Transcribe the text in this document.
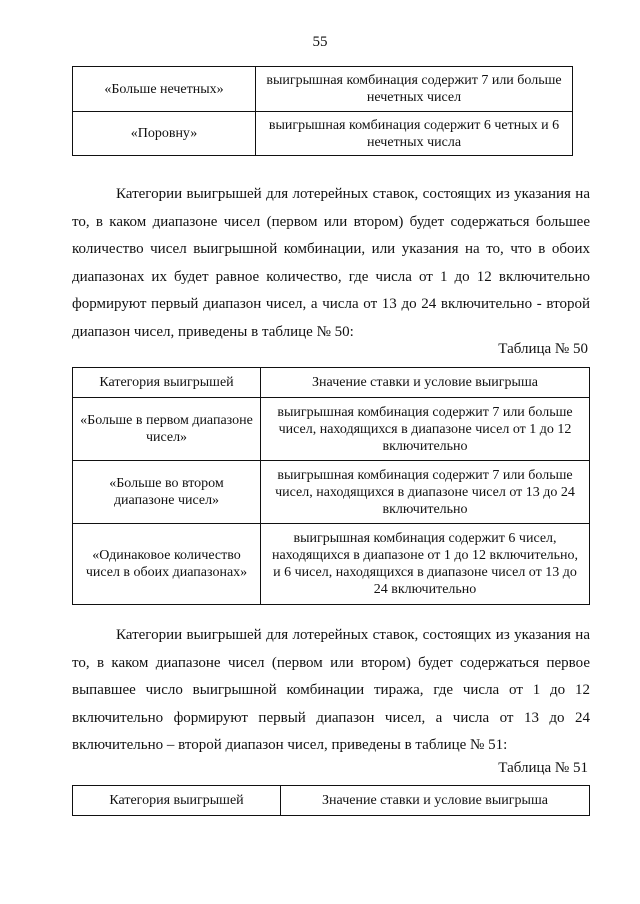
55
«Больше нечетных»	выигрышная комбинация содержит 7 или больше нечетных чисел
«Поровну»	выигрышная комбинация содержит 6 четных и 6 нечетных числа

Категории выигрышей для лотерейных ставок, состоящих из указания на то, в каком диапазоне чисел (первом или втором) будет содержаться большее количество чисел выигрышной комбинации, или указания на то, что в обоих диапазонах их будет равное количество, где числа от 1 до 12 включительно формируют первый диапазон чисел, а числа от 13 до 24 включительно - второй диапазон чисел, приведены в таблице № 50:

Таблица № 50
Категория выигрышей	Значение ставки и условие выигрыша
«Больше в первом диапазоне чисел»	выигрышная комбинация содержит 7 или больше чисел, находящихся в диапазоне чисел от 1 до 12 включительно
«Больше во втором диапазоне чисел»	выигрышная комбинация содержит 7 или больше чисел, находящихся в диапазоне чисел от 13 до 24 включительно
«Одинаковое количество чисел в обоих диапазонах»	выигрышная комбинация содержит 6 чисел, находящихся в диапазоне от 1 до 12 включительно, и 6 чисел, находящихся в диапазоне чисел от 13 до 24 включительно

Категории выигрышей для лотерейных ставок, состоящих из указания на то, в каком диапазоне чисел (первом или втором) будет содержаться первое выпавшее число выигрышной комбинации тиража, где числа от 1 до 12 включительно формируют первый диапазон чисел, а числа от 13 до 24 включительно – второй диапазон чисел, приведены в таблице № 51:

Таблица № 51
Категория выигрышей	Значение ставки и условие выигрыша
